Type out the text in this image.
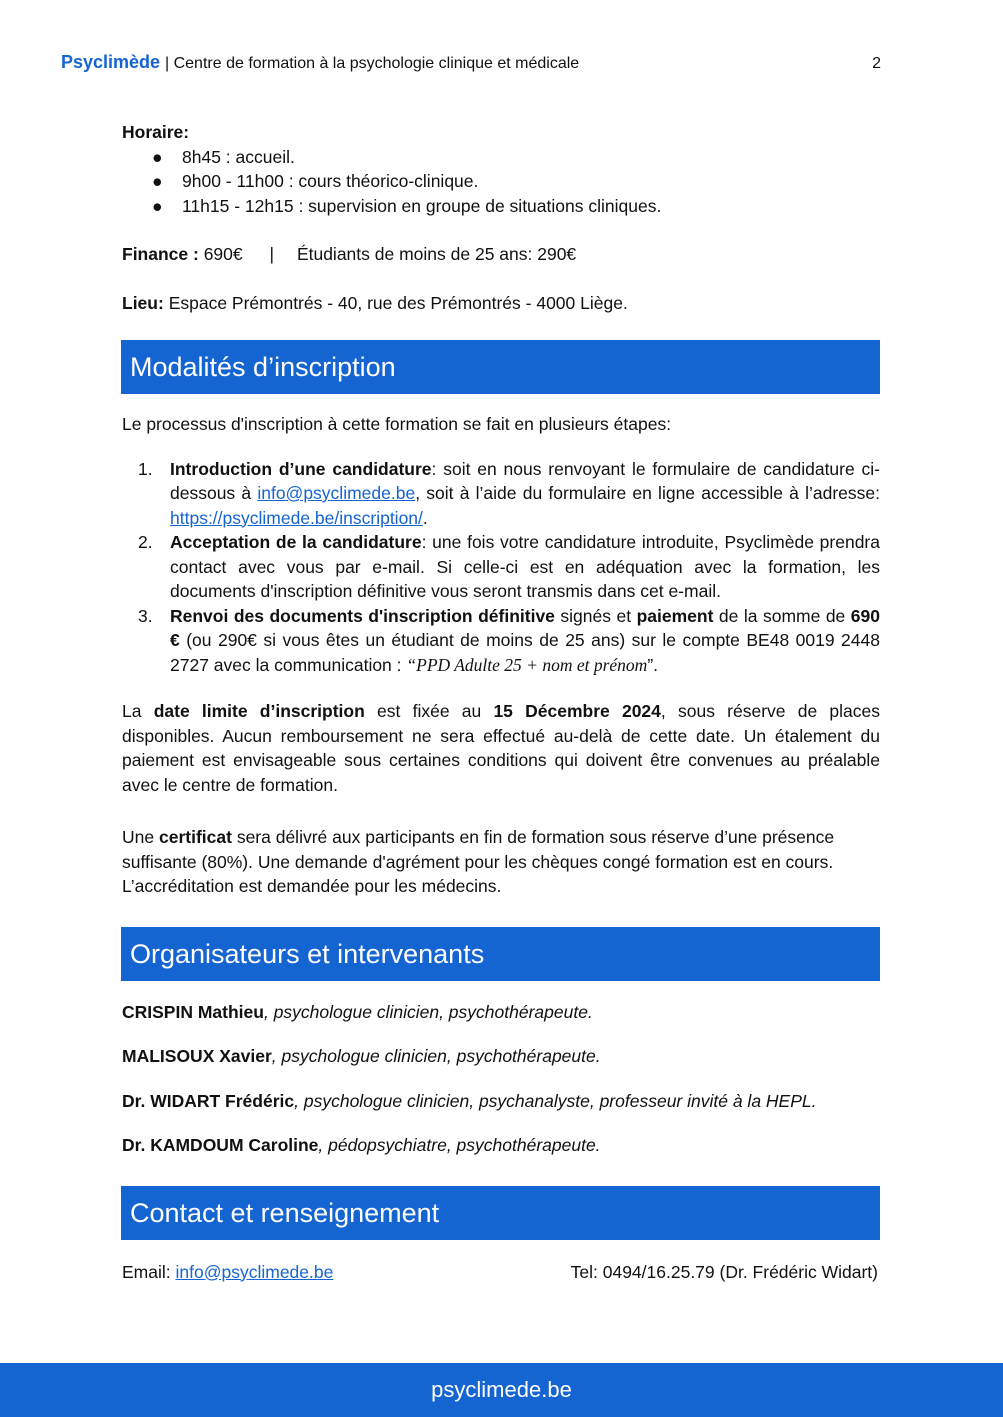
Psyclimède | Centre de formation à la psychologie clinique et médicale	2

Horaire:

● 8h45 : accueil.
● 9h00 - 11h00 : cours théorico-clinique.
● 11h15 - 12h15 : supervision en groupe de situations cliniques.

Finance : 690€ | Étudiants de moins de 25 ans: 290€

Lieu: Espace Prémontrés - 40, rue des Prémontrés - 4000 Liège.

Modalités d’inscription

Le processus d'inscription à cette formation se fait en plusieurs étapes:

1. Introduction d’une candidature: soit en nous renvoyant le formulaire de candidature ci-dessous à info@psyclimede.be, soit à l’aide du formulaire en ligne accessible à l’adresse: https://psyclimede.be/inscription/.
2. Acceptation de la candidature: une fois votre candidature introduite, Psyclimède prendra contact avec vous par e-mail. Si celle-ci est en adéquation avec la formation, les documents d'inscription définitive vous seront transmis dans cet e-mail.
3. Renvoi des documents d'inscription définitive signés et paiement de la somme de 690 € (ou 290€ si vous êtes un étudiant de moins de 25 ans) sur le compte BE48 0019 2448 2727 avec la communication : “PPD Adulte 25 + nom et prénom”.

La date limite d’inscription est fixée au 15 Décembre 2024, sous réserve de places disponibles. Aucun remboursement ne sera effectué au-delà de cette date. Un étalement du paiement est envisageable sous certaines conditions qui doivent être convenues au préalable avec le centre de formation.

Une certificat sera délivré aux participants en fin de formation sous réserve d’une présence suffisante (80%). Une demande d'agrément pour les chèques congé formation est en cours. L’accréditation est demandée pour les médecins.

Organisateurs et intervenants

CRISPIN Mathieu, psychologue clinicien, psychothérapeute.

MALISOUX Xavier, psychologue clinicien, psychothérapeute.

Dr. WIDART Frédéric, psychologue clinicien, psychanalyste, professeur invité à la HEPL.

Dr. KAMDOUM Caroline, pédopsychiatre, psychothérapeute.

Contact et renseignement
Email: info@psyclimede.be	Tel: 0494/16.25.79 (Dr. Frédéric Widart)
psyclimede.be
